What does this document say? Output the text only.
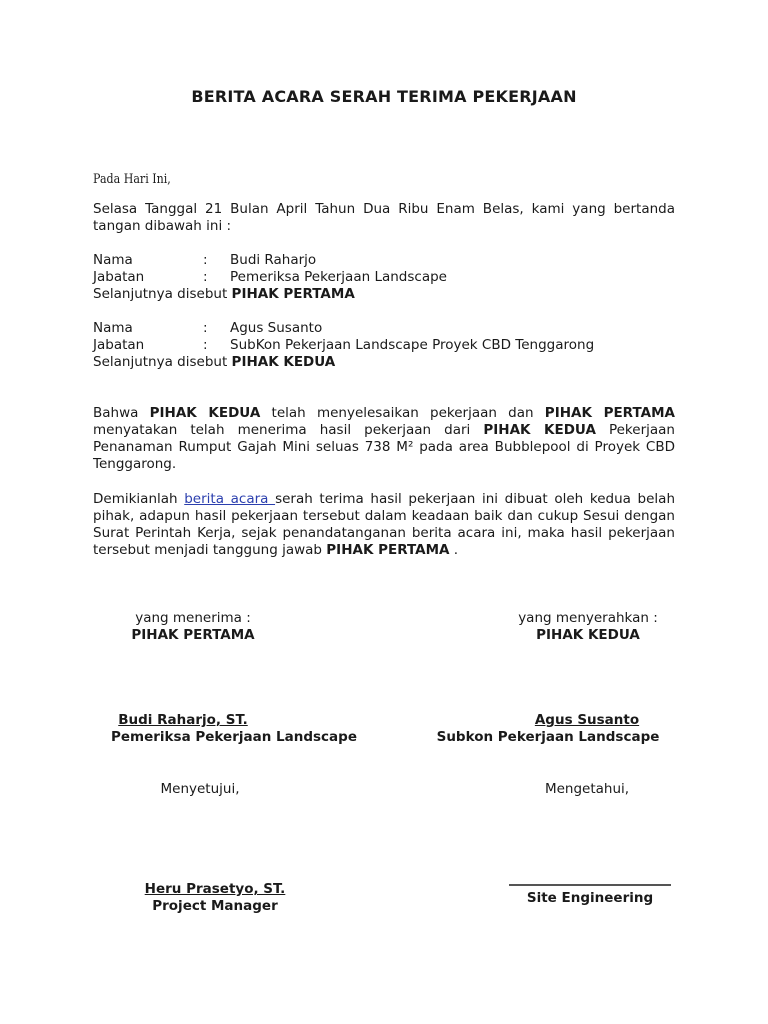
BERITA ACARA SERAH TERIMA PEKERJAAN
Pada Hari Ini,
Selasa Tanggal 21 Bulan April Tahun Dua Ribu Enam Belas, kami yang bertanda tangan dibawah ini :
Nama	:	Budi Raharjo
Jabatan	:	Pemeriksa Pekerjaan Landscape
Selanjutnya disebut PIHAK PERTAMA
Nama	:	Agus Susanto
Jabatan	:	SubKon Pekerjaan Landscape Proyek CBD Tenggarong
Selanjutnya disebut PIHAK KEDUA
Bahwa PIHAK KEDUA telah menyelesaikan pekerjaan dan PIHAK PERTAMA menyatakan telah menerima hasil pekerjaan dari PIHAK KEDUA Pekerjaan Penanaman Rumput Gajah Mini seluas 738 M² pada area Bubblepool di Proyek CBD Tenggarong.
Demikianlah berita acara serah terima hasil pekerjaan ini dibuat oleh kedua belah pihak, adapun hasil pekerjaan tersebut dalam keadaan baik dan cukup Sesui dengan Surat Perintah Kerja, sejak penandatanganan berita acara ini, maka hasil pekerjaan tersebut menjadi tanggung jawab PIHAK PERTAMA .
yang menerima :
PIHAK PERTAMA
Budi Raharjo, ST.
Pemeriksa Pekerjaan Landscape
yang menyerahkan :
PIHAK KEDUA
Agus Susanto
Subkon Pekerjaan Landscape
Menyetujui,
Heru Prasetyo, ST.
Project Manager
Mengetahui,
Site Engineering
